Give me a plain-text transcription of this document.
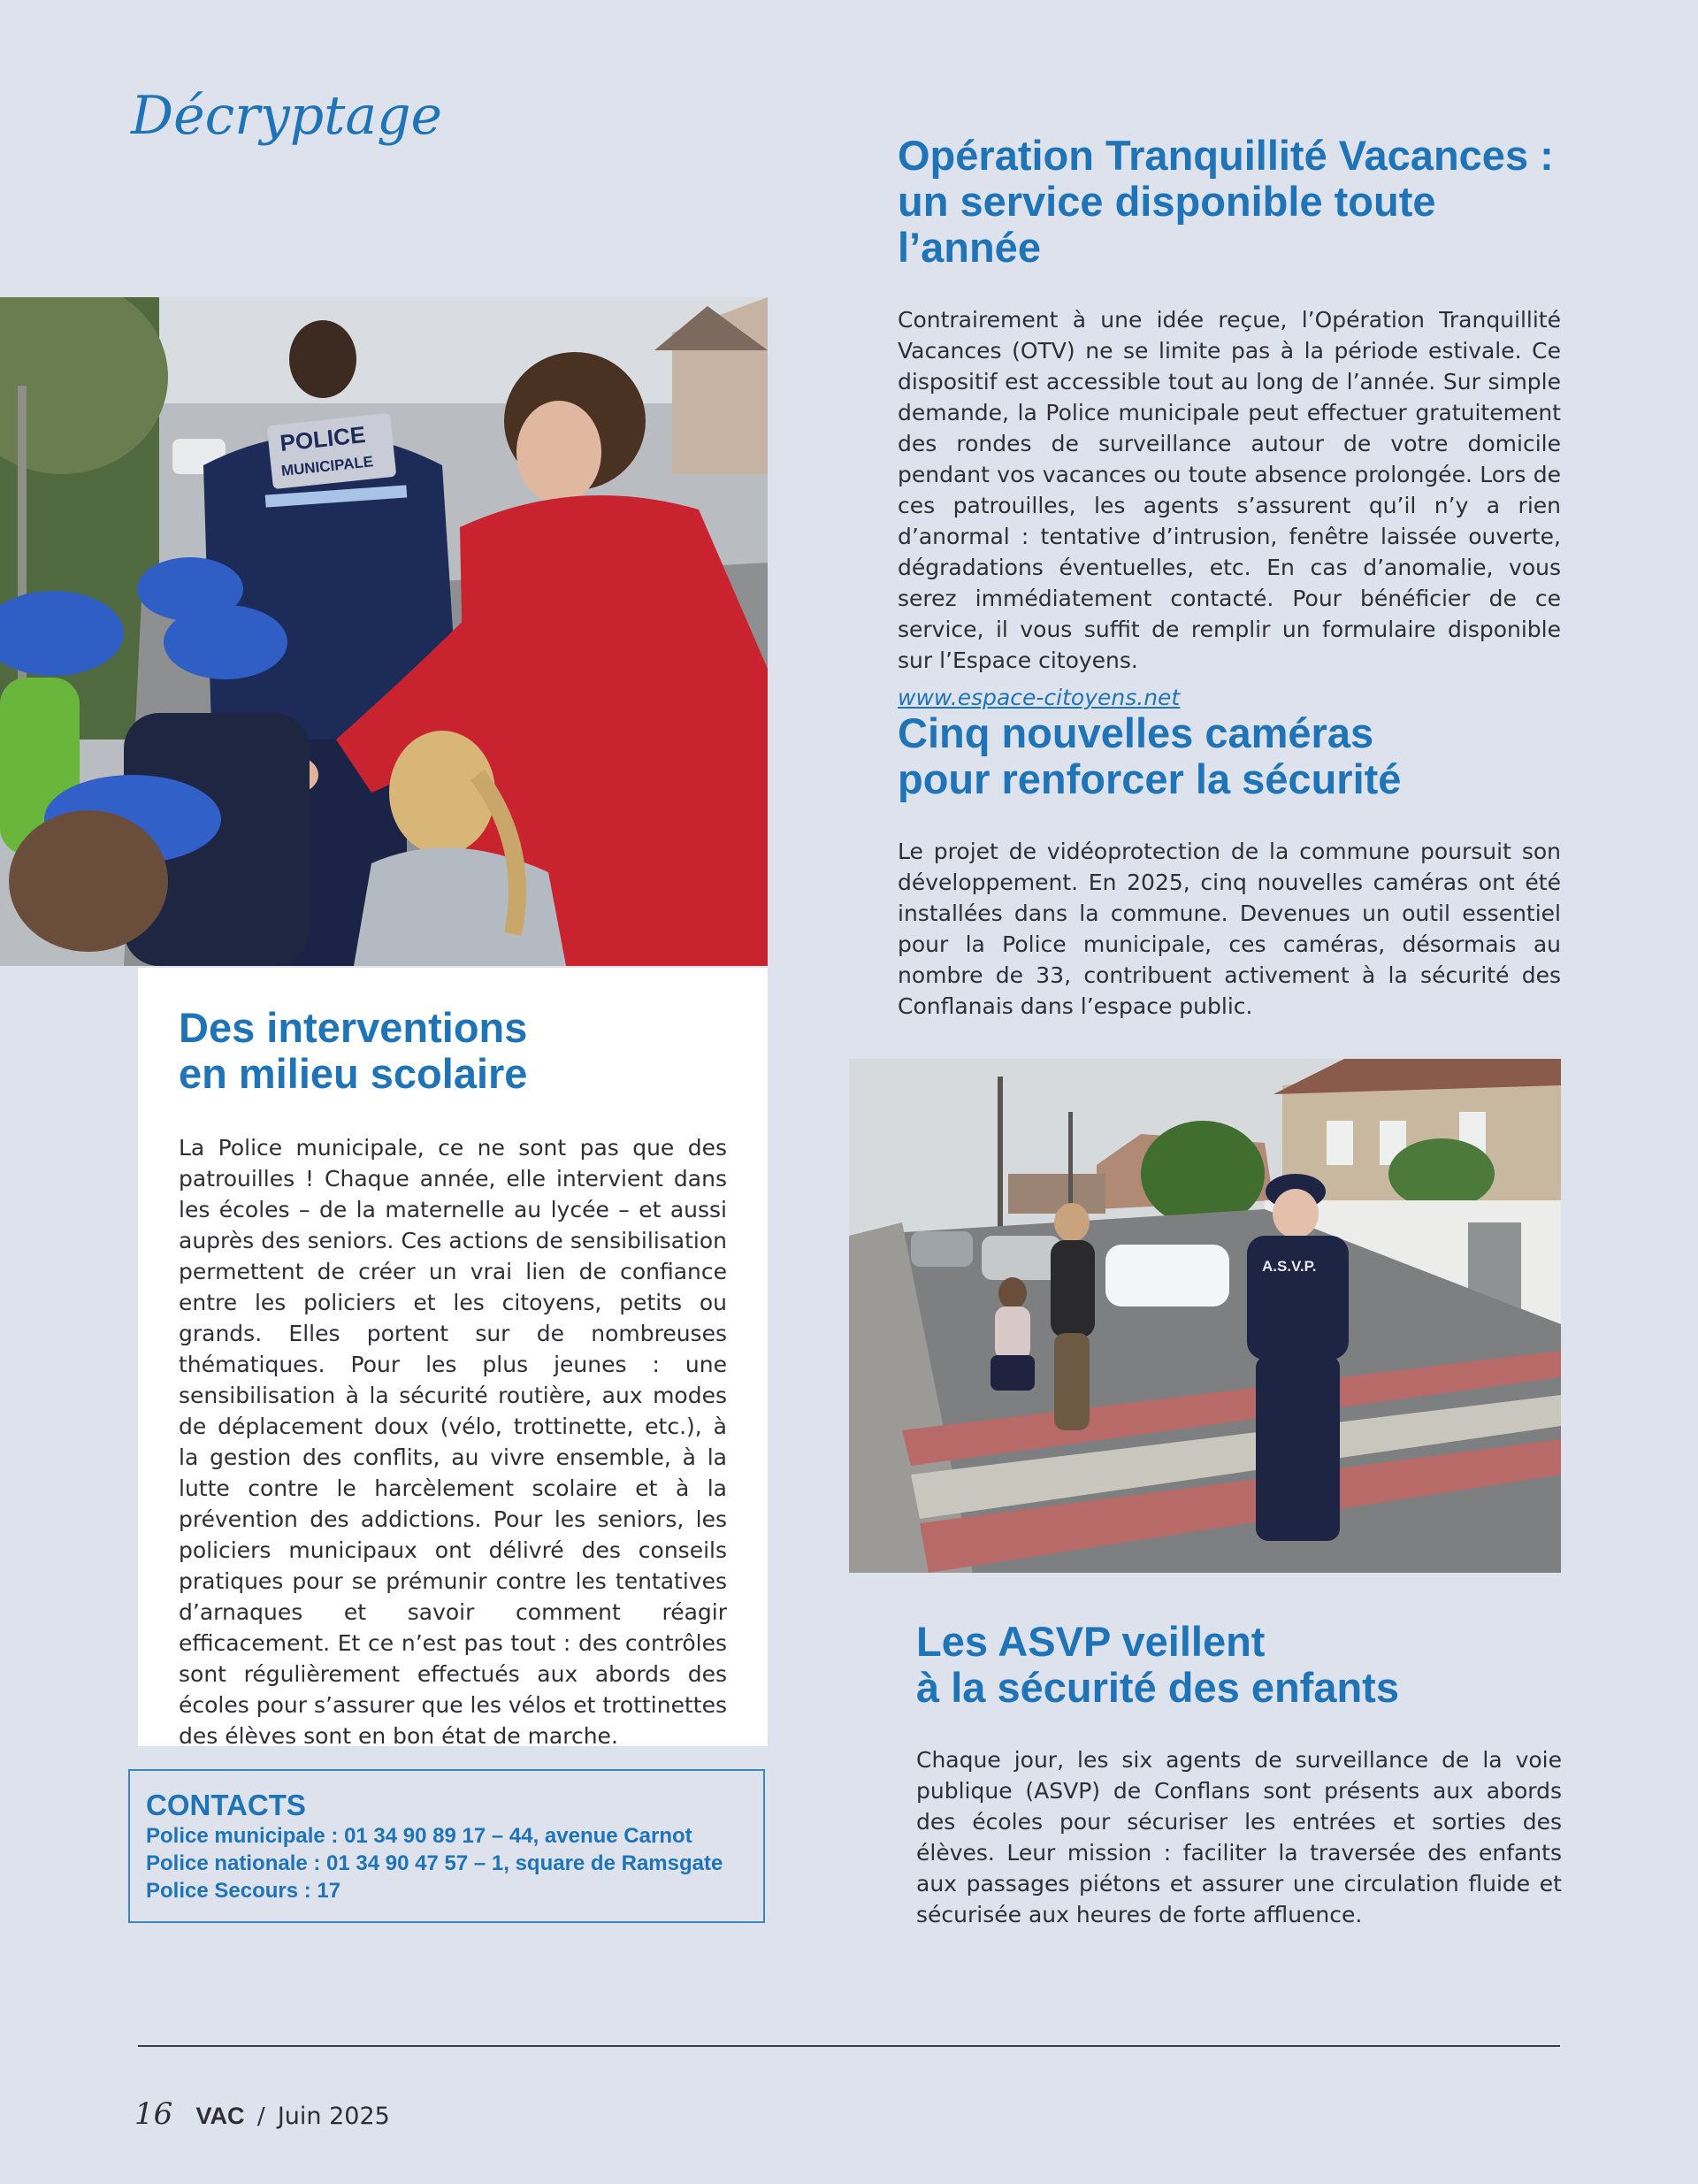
Décryptage
Opération Tranquillité Vacances :
un service disponible toute
l’année

Contrairement à une idée reçue, l’Opération Tranquillité Vacances (OTV) ne se limite pas à la période estivale. Ce dispositif est accessible tout au long de l’année. Sur simple demande, la Police municipale peut effectuer gratuitement des rondes de surveillance autour de votre domicile pendant vos vacances ou toute absence prolongée. Lors de ces patrouilles, les agents s’assurent qu’il n’y a rien d’anormal : tentative d’intrusion, fenêtre laissée ouverte, dégradations éventuelles, etc. En cas d’anomalie, vous serez immédiatement contacté. Pour bénéficier de ce service, il vous suffit de remplir un formulaire disponible sur l’Espace citoyens.

www.espace-citoyens.net
Cinq nouvelles caméras
pour renforcer la sécurité

Le projet de vidéoprotection de la commune poursuit son développement. En 2025, cinq nouvelles caméras ont été installées dans la commune. Devenues un outil essentiel pour la Police municipale, ces caméras, désormais au nombre de 33, contribuent activement à la sécurité des Conflanais dans l’espace public.

POLICE
MUNICIPALE
Des interventions
en milieu scolaire

La Police municipale, ce ne sont pas que des patrouilles ! Chaque année, elle intervient dans les écoles – de la maternelle au lycée – et aussi auprès des seniors. Ces actions de sensibilisation permettent de créer un vrai lien de confiance entre les policiers et les citoyens, petits ou grands. Elles portent sur de nombreuses thématiques. Pour les plus jeunes : une sensibilisation à la sécurité routière, aux modes de déplacement doux (vélo, trottinette, etc.), à la gestion des conflits, au vivre ensemble, à la lutte contre le harcèlement scolaire et à la prévention des addictions. Pour les seniors, les policiers municipaux ont délivré des conseils pratiques pour se prémunir contre les tentatives d’arnaques et savoir comment réagir efficacement. Et ce n’est pas tout : des contrôles sont régulièrement effectués aux abords des écoles pour s’assurer que les vélos et trottinettes des élèves sont en bon état de marche.

CONTACTS
Police municipale : 01 34 90 89 17 – 44, avenue Carnot
Police nationale : 01 34 90 47 57 – 1, square de Ramsgate
Police Secours : 17
A.S.V.P.
Les ASVP veillent
à la sécurité des enfants

Chaque jour, les six agents de surveillance de la voie publique (ASVP) de Conflans sont présents aux abords des écoles pour sécuriser les entrées et sorties des élèves. Leur mission : faciliter la traversée des enfants aux passages piétons et assurer une circulation fluide et sécurisée aux heures de forte affluence.

16 VAC / Juin 2025
